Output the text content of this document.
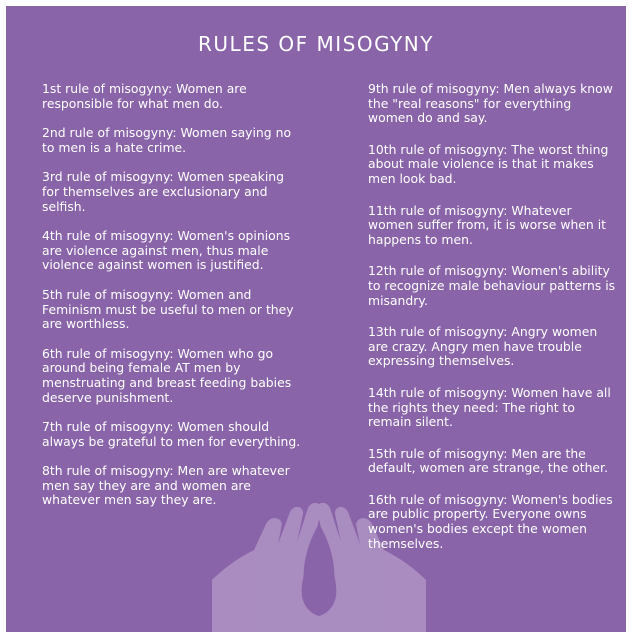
RULES OF MISOGYNY

1st rule of misogyny: Women are responsible for what men do.

2nd rule of misogyny: Women saying no to men is a hate crime.

3rd rule of misogyny: Women speaking for themselves are exclusionary and selfish.

4th rule of misogyny: Women's opinions are violence against men, thus male violence against women is justified.

5th rule of misogyny: Women and Feminism must be useful to men or they are worthless.

6th rule of misogyny: Women who go around being female AT men by menstruating and breast feeding babies deserve punishment.

7th rule of misogyny: Women should always be grateful to men for everything.

8th rule of misogyny: Men are whatever men say they are and women are whatever men say they are.

9th rule of misogyny: Men always know the "real reasons" for everything women do and say.

10th rule of misogyny: The worst thing about male violence is that it makes men look bad.

11th rule of misogyny: Whatever women suffer from, it is worse when it happens to men.

12th rule of misogyny: Women's ability to recognize male behaviour patterns is misandry.

13th rule of misogyny: Angry women are crazy. Angry men have trouble expressing themselves.

14th rule of misogyny: Women have all the rights they need: The right to remain silent.

15th rule of misogyny: Men are the default, women are strange, the other.

16th rule of misogyny: Women's bodies are public property. Everyone owns women's bodies except the women themselves.
